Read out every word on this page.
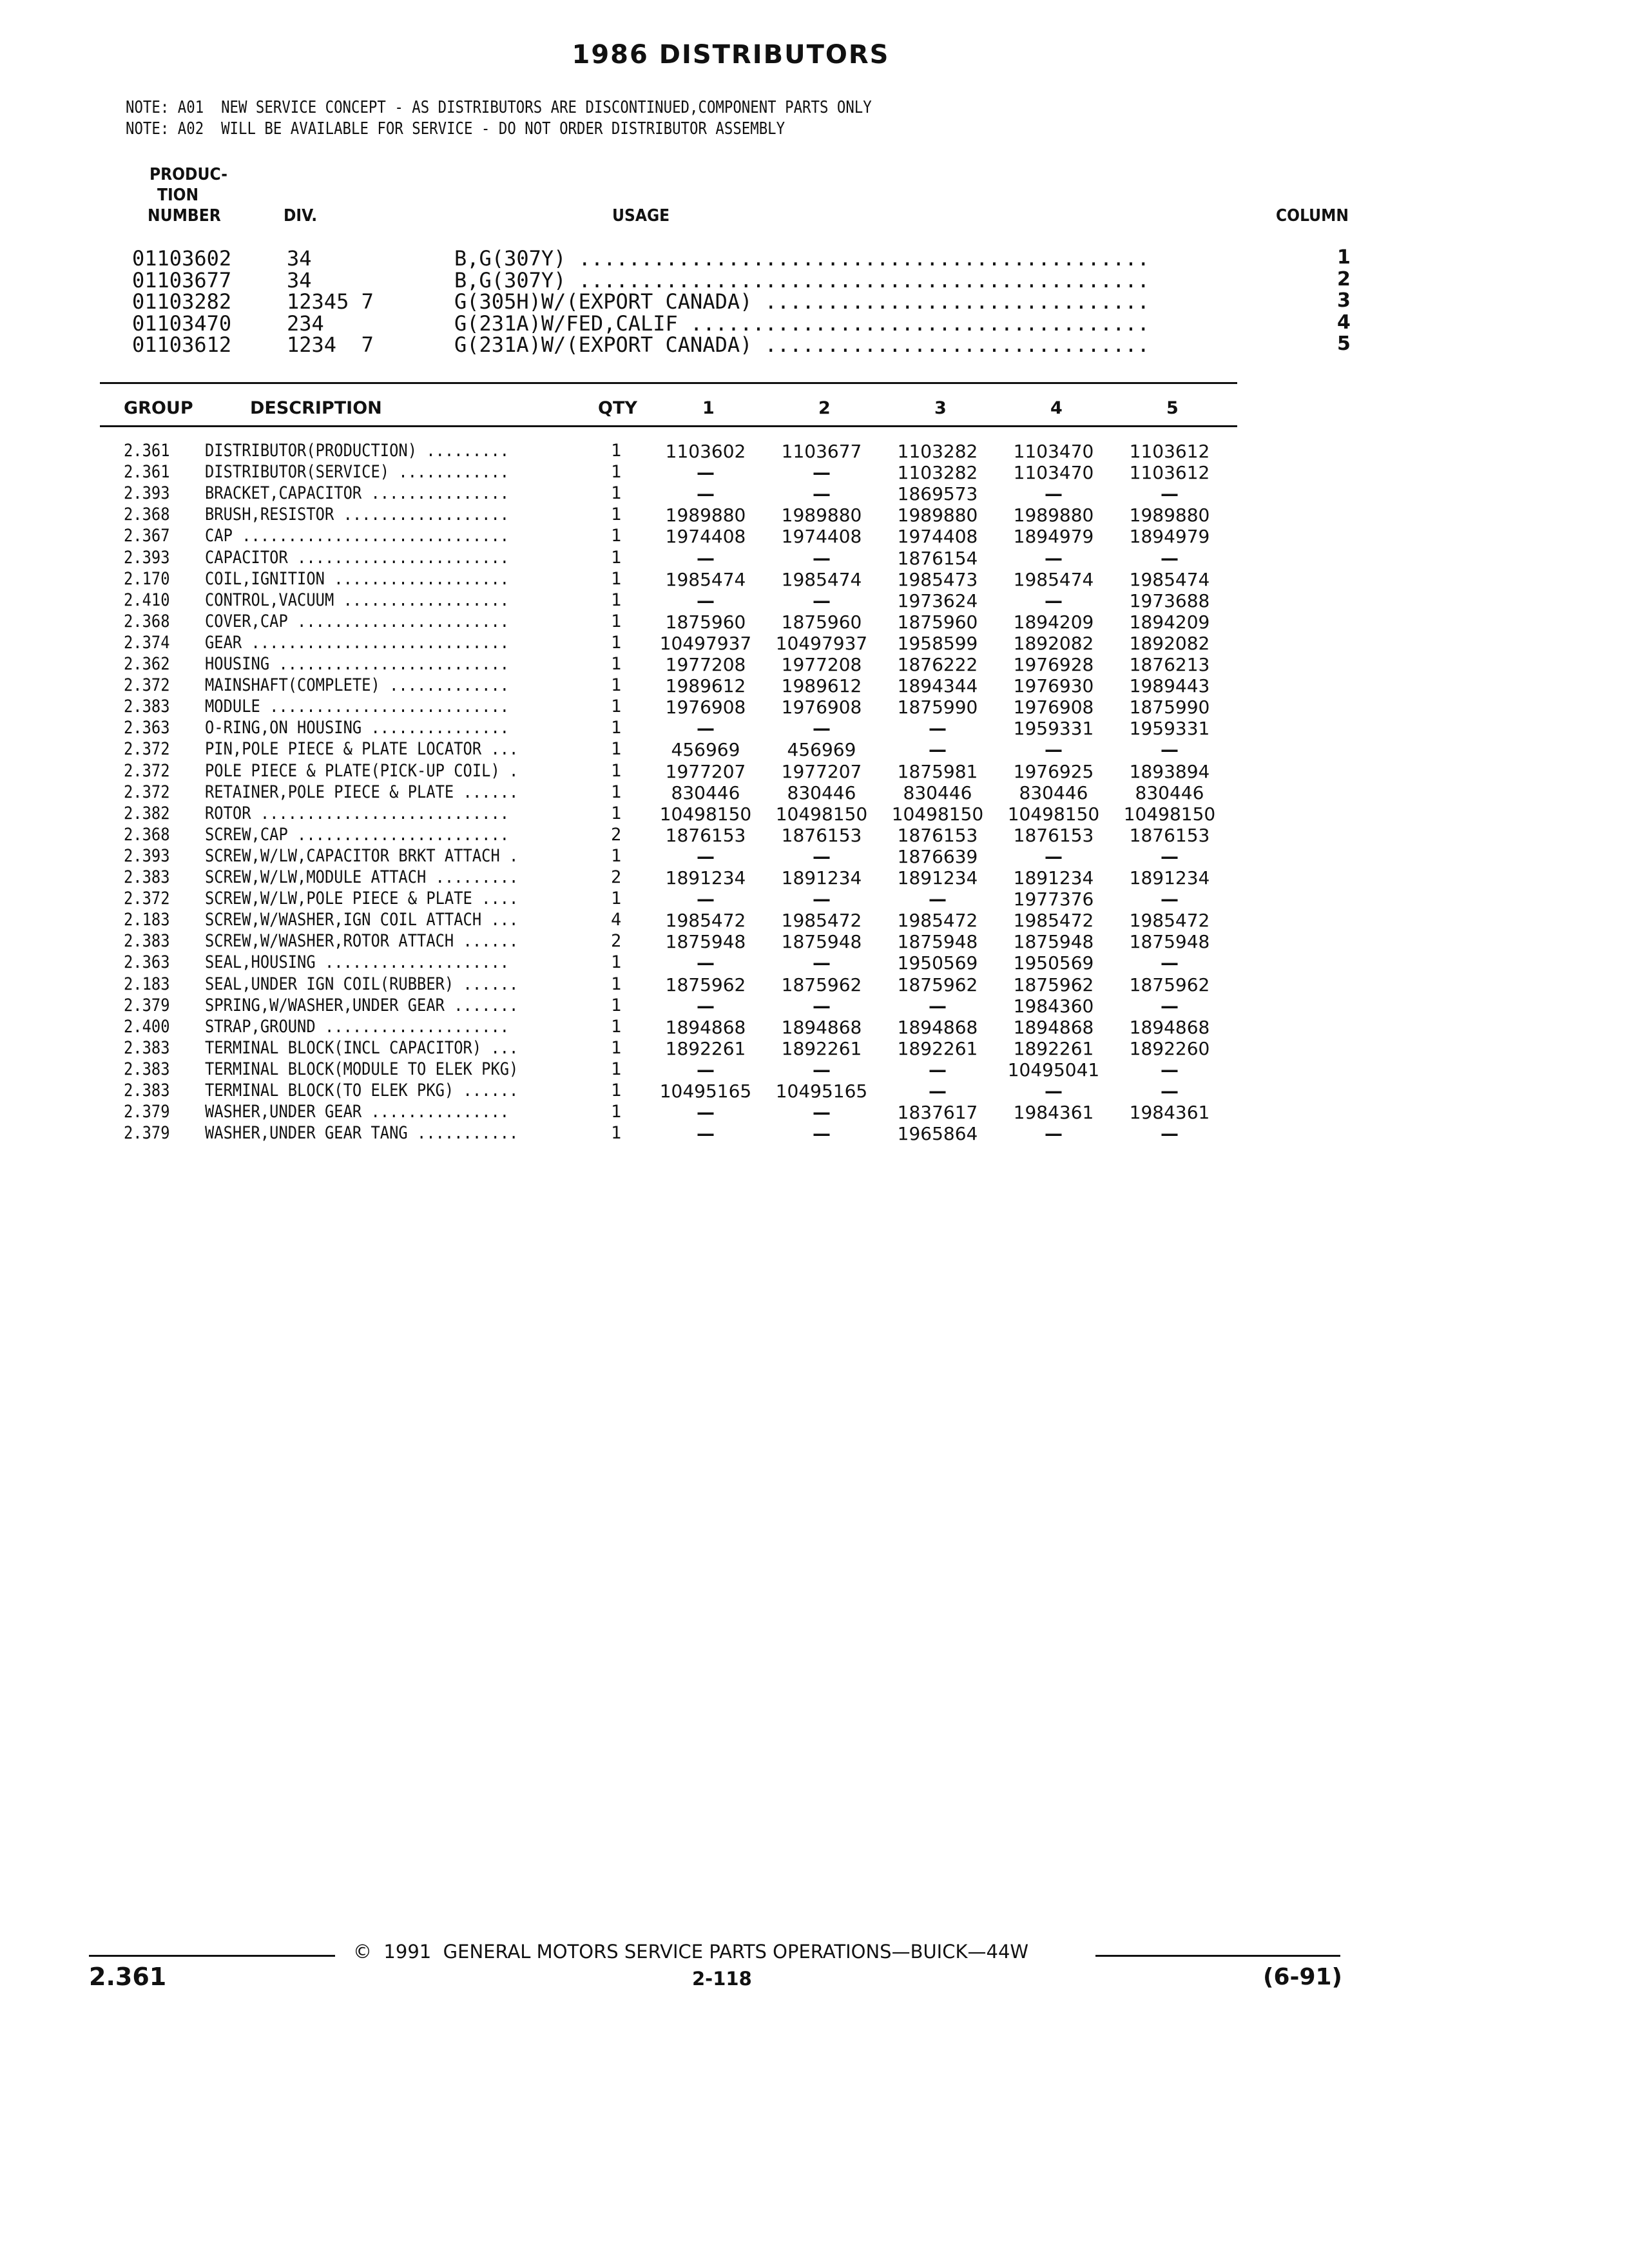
1986 DISTRIBUTORS
NOTE: A01  NEW SERVICE CONCEPT - AS DISTRIBUTORS ARE DISCONTINUED,COMPONENT PARTS ONLY
NOTE: A02  WILL BE AVAILABLE FOR SERVICE - DO NOT ORDER DISTRIBUTOR ASSEMBLY
PRODUC-
TION
NUMBER	DIV.	USAGE	COLUMN
01103602	34	B,G(307Y) ..............................................	1
01103677	34	B,G(307Y) ..............................................	2
01103282	12345 7	G(305H)W/(EXPORT CANADA) ...............................	3
01103470	234	G(231A)W/FED,CALIF .....................................	4
01103612	1234  7	G(231A)W/(EXPORT CANADA) ...............................	5
GROUP	DESCRIPTION	QTY	1	2	3	4	5
2.361 DISTRIBUTOR(PRODUCTION) .........	1	1103602	1103677	1103282	1103470	1103612
2.361 DISTRIBUTOR(SERVICE) ............	1	—	—	1103282	1103470	1103612
2.393 BRACKET,CAPACITOR ...............	1	—	—	1869573	—	—
2.368 BRUSH,RESISTOR ..................	1	1989880	1989880	1989880	1989880	1989880
2.367 CAP .............................	1	1974408	1974408	1974408	1894979	1894979
2.393 CAPACITOR .......................	1	—	—	1876154	—	—
2.170 COIL,IGNITION ...................	1	1985474	1985474	1985473	1985474	1985474
2.410 CONTROL,VACUUM ..................	1	—	—	1973624	—	1973688
2.368 COVER,CAP .......................	1	1875960	1875960	1875960	1894209	1894209
2.374 GEAR ............................	1	10497937	10497937	1958599	1892082	1892082
2.362 HOUSING .........................	1	1977208	1977208	1876222	1976928	1876213
2.372 MAINSHAFT(COMPLETE) .............	1	1989612	1989612	1894344	1976930	1989443
2.383 MODULE ..........................	1	1976908	1976908	1875990	1976908	1875990
2.363 O-RING,ON HOUSING ...............	1	—	—	—	1959331	1959331
2.372 PIN,POLE PIECE & PLATE LOCATOR ...	1	456969	456969	—	—	—
2.372 POLE PIECE & PLATE(PICK-UP COIL) .	1	1977207	1977207	1875981	1976925	1893894
2.372 RETAINER,POLE PIECE & PLATE ......	1	830446	830446	830446	830446	830446
2.382 ROTOR ...........................	1	10498150	10498150	10498150	10498150	10498150
2.368 SCREW,CAP .......................	2	1876153	1876153	1876153	1876153	1876153
2.393 SCREW,W/LW,CAPACITOR BRKT ATTACH .	1	—	—	1876639	—	—
2.383 SCREW,W/LW,MODULE ATTACH .........	2	1891234	1891234	1891234	1891234	1891234
2.372 SCREW,W/LW,POLE PIECE & PLATE ....	1	—	—	—	1977376	—
2.183 SCREW,W/WASHER,IGN COIL ATTACH ...	4	1985472	1985472	1985472	1985472	1985472
2.383 SCREW,W/WASHER,ROTOR ATTACH ......	2	1875948	1875948	1875948	1875948	1875948
2.363 SEAL,HOUSING ....................	1	—	—	1950569	1950569	—
2.183 SEAL,UNDER IGN COIL(RUBBER) ......	1	1875962	1875962	1875962	1875962	1875962
2.379 SPRING,W/WASHER,UNDER GEAR .......	1	—	—	—	1984360	—
2.400 STRAP,GROUND ....................	1	1894868	1894868	1894868	1894868	1894868
2.383 TERMINAL BLOCK(INCL CAPACITOR) ...	1	1892261	1892261	1892261	1892261	1892260
2.383 TERMINAL BLOCK(MODULE TO ELEK PKG)	1	—	—	—	10495041	—
2.383 TERMINAL BLOCK(TO ELEK PKG) ......	1	10495165	10495165	—	—	—
2.379 WASHER,UNDER GEAR ...............	1	—	—	1837617	1984361	1984361
2.379 WASHER,UNDER GEAR TANG ...........	1	—	—	1965864	—	—
©  1991  GENERAL MOTORS SERVICE PARTS OPERATIONS—BUICK—44W
2.361	2-118	(6-91)
